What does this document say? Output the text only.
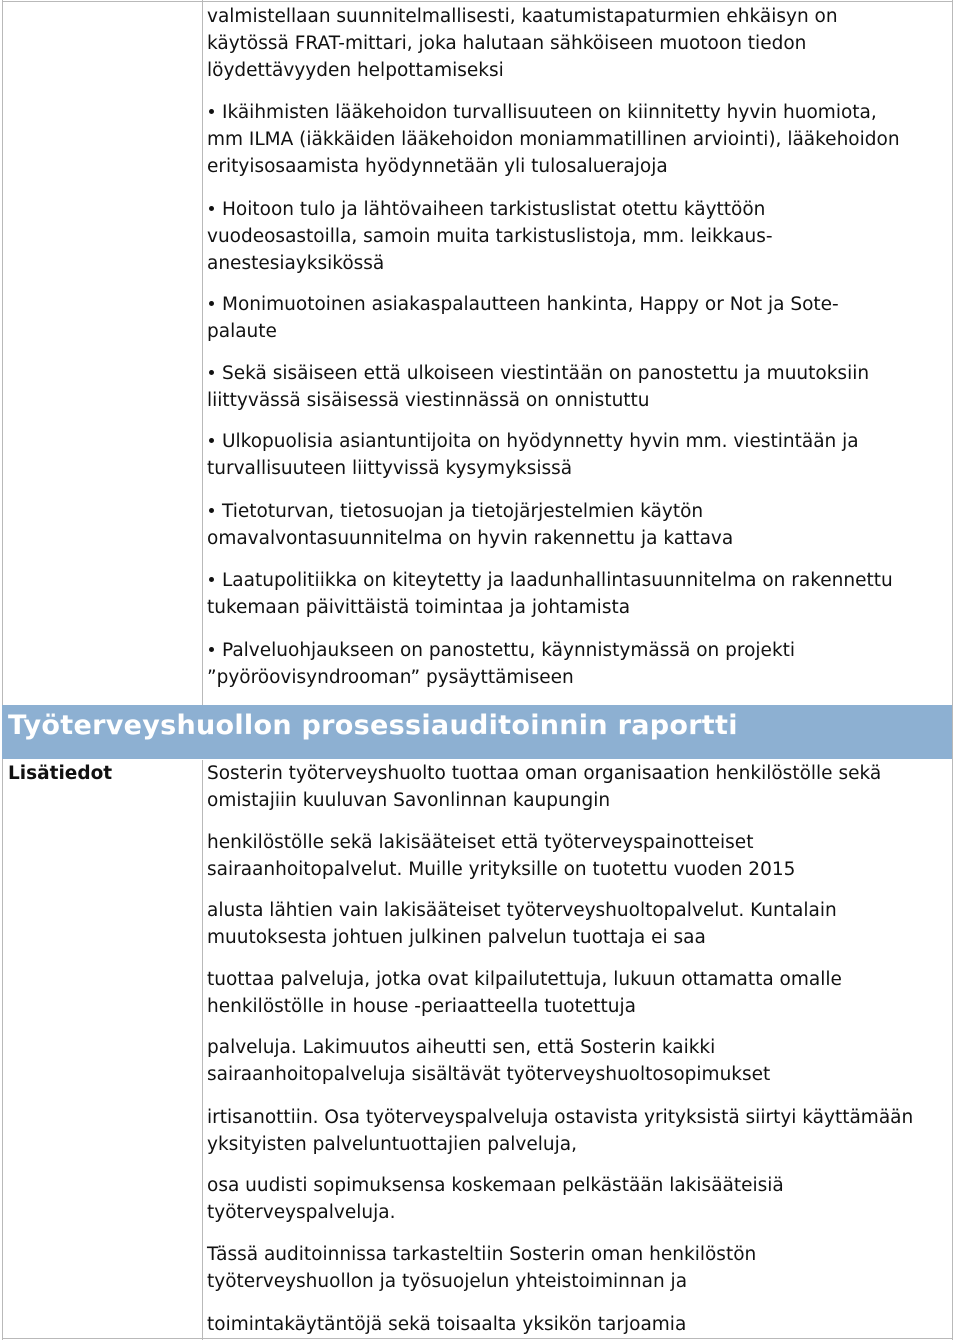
valmistellaan suunnitelmallisesti, kaatumistapaturmien ehkäisyn on
käytössä FRAT-mittari, joka halutaan sähköiseen muotoon tiedon
löydettävyyden helpottamiseksi
Ikäihmisten lääkehoidon turvallisuuteen on kiinnitetty hyvin huomiota,
mm ILMA (iäkkäiden lääkehoidon moniammatillinen arviointi), lääkehoidon
erityisosaamista hyödynnetään yli tulosaluerajoja
Hoitoon tulo ja lähtövaiheen tarkistuslistat otettu käyttöön
vuodeosastoilla, samoin muita tarkistuslistoja, mm. leikkaus-
anestesiayksikössä
Monimuotoinen asiakaspalautteen hankinta, Happy or Not ja Sote-
palaute
Sekä sisäiseen että ulkoiseen viestintään on panostettu ja muutoksiin
liittyvässä sisäisessä viestinnässä on onnistuttu
Ulkopuolisia asiantuntijoita on hyödynnetty hyvin mm. viestintään ja
turvallisuuteen liittyvissä kysymyksissä
Tietoturvan, tietosuojan ja tietojärjestelmien käytön
omavalvontasuunnitelma on hyvin rakennettu ja kattava
Laatupolitiikka on kiteytetty ja laadunhallintasuunnitelma on rakennettu
tukemaan päivittäistä toimintaa ja johtamista
Palveluohjaukseen on panostettu, käynnistymässä on projekti
”pyöröovisyndrooman” pysäyttämiseen
Työterveyshuollon prosessiauditoinnin raportti

Lisätiedot	Sosterin työterveyshuolto tuottaa oman organisaation henkilöstölle sekä
omistajiin kuuluvan Savonlinnan kaupungin
henkilöstölle sekä lakisääteiset että työterveyspainotteiset
sairaanhoitopalvelut. Muille yrityksille on tuotettu vuoden 2015
alusta lähtien vain lakisääteiset työterveyshuoltopalvelut. Kuntalain
muutoksesta johtuen julkinen palvelun tuottaja ei saa
tuottaa palveluja, jotka ovat kilpailutettuja, lukuun ottamatta omalle
henkilöstölle in house -periaatteella tuotettuja
palveluja. Lakimuutos aiheutti sen, että Sosterin kaikki
sairaanhoitopalveluja sisältävät työterveyshuoltosopimukset
irtisanottiin. Osa työterveyspalveluja ostavista yrityksistä siirtyi käyttämään
yksityisten palveluntuottajien palveluja,
osa uudisti sopimuksensa koskemaan pelkästään lakisääteisiä
työterveyspalveluja.
Tässä auditoinnissa tarkasteltiin Sosterin oman henkilöstön
työterveyshuollon ja työsuojelun yhteistoiminnan ja
toimintakäytäntöjä sekä toisaalta yksikön tarjoamia
